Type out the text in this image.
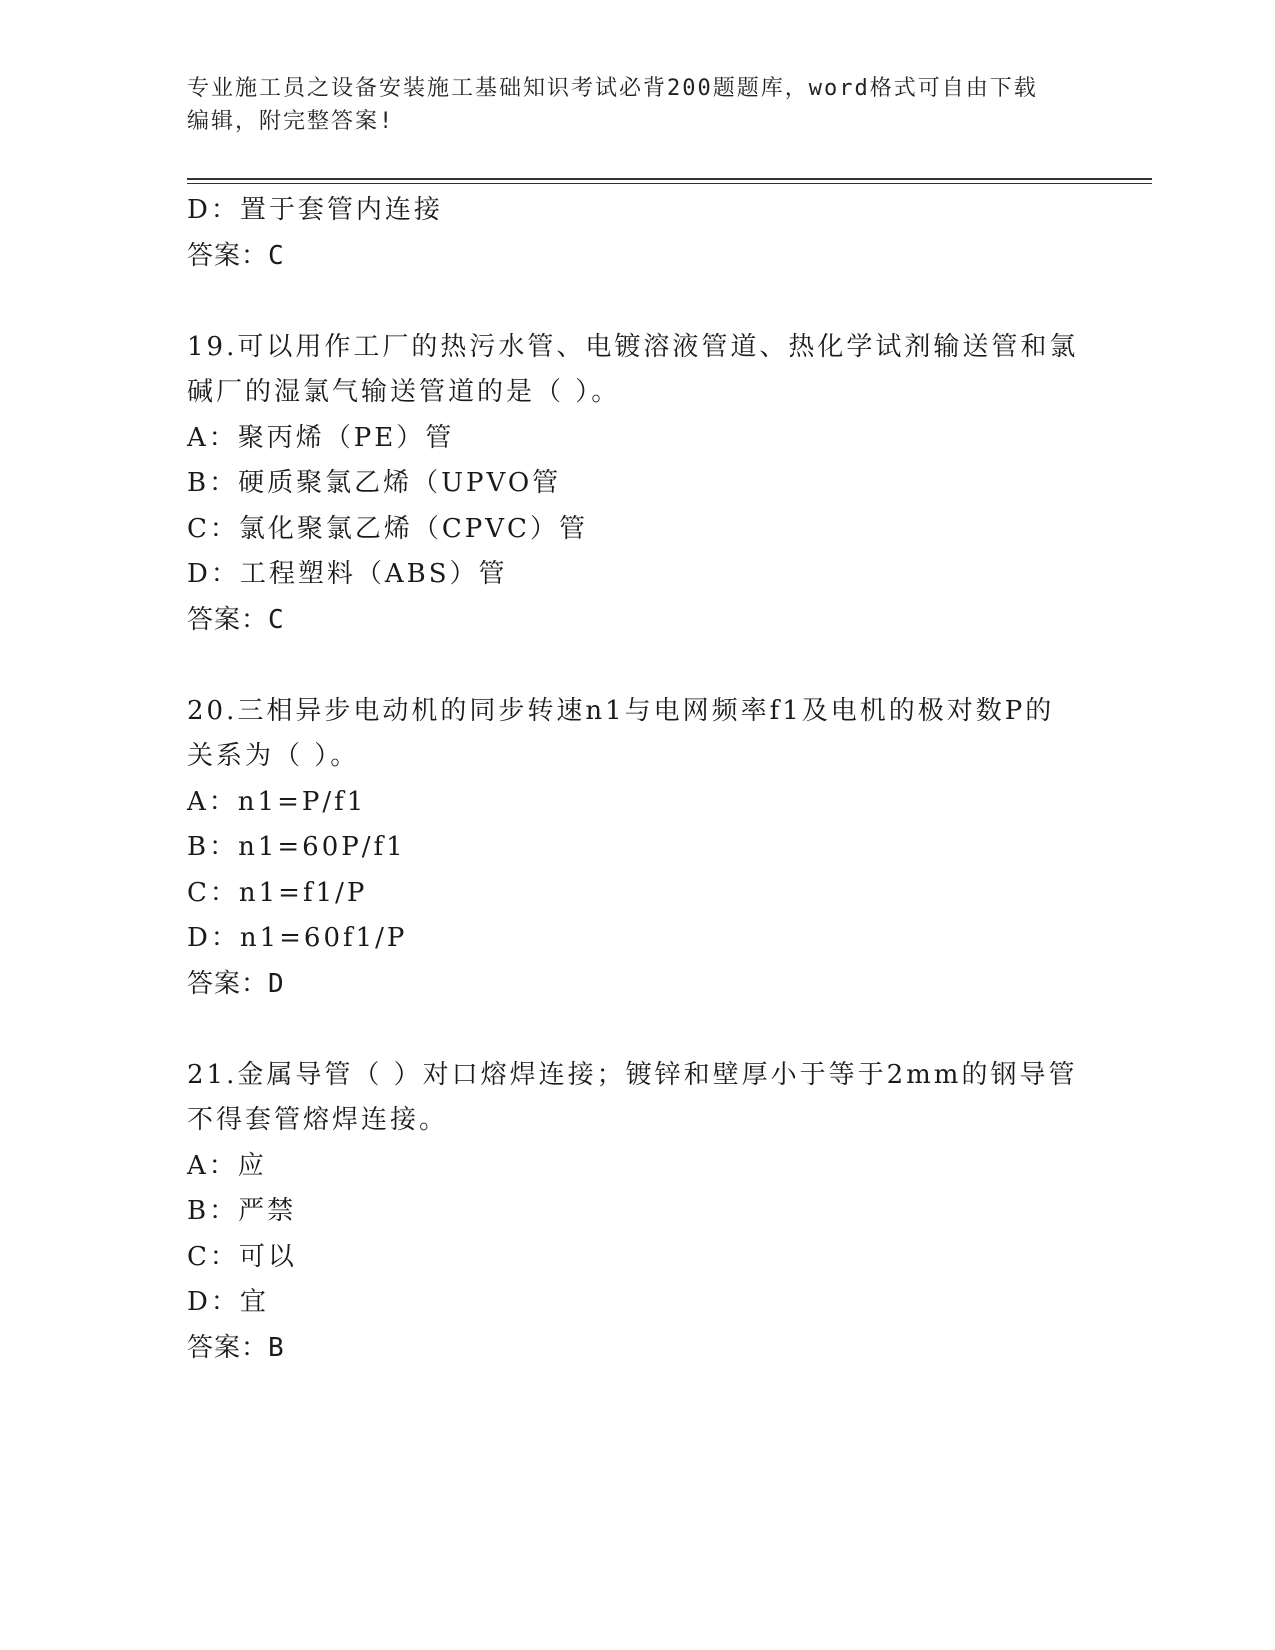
专业施工员之设备安装施工基础知识考试必背200题题库，word格式可自由下载
编辑，附完整答案!
D：置于套管内连接
答案：C
19.可以用作工厂的热污水管、电镀溶液管道、热化学试剂输送管和氯
碱厂的湿氯气输送管道的是（ ）。
A：聚丙烯（PE）管
B：硬质聚氯乙烯（UPVO管
C：氯化聚氯乙烯（CPVC）管
D：工程塑料（ABS）管
答案：C
20.三相异步电动机的同步转速n1与电网频率f1及电机的极对数P的
关系为（ ）。
A：n1=P/f1
B：n1=60P/f1
C：n1=f1/P
D：n1=60f1/P
答案：D
21.金属导管（ ）对口熔焊连接；镀锌和壁厚小于等于2mm的钢导管
不得套管熔焊连接。
A：应
B：严禁
C：可以
D：宜
答案：B
